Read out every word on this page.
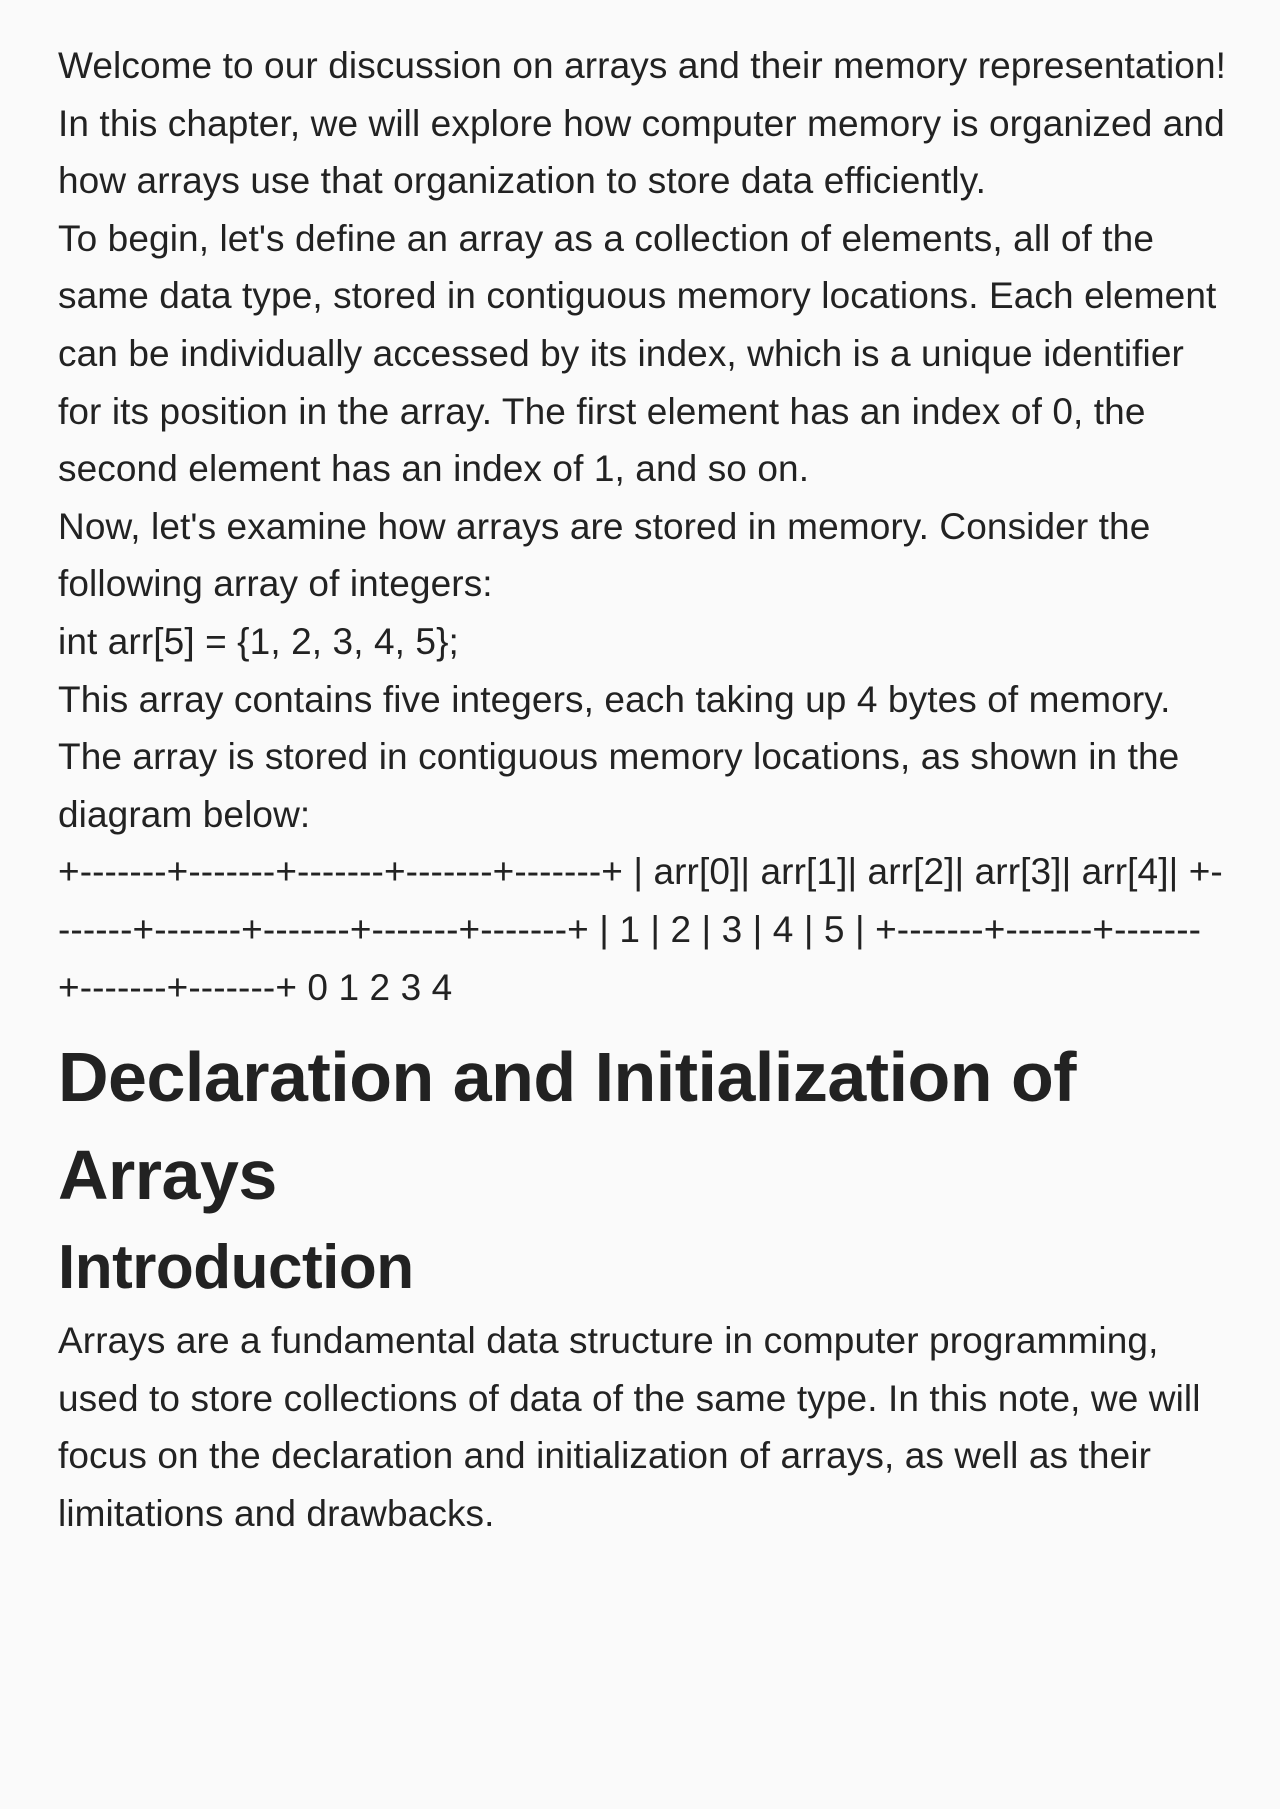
Welcome to our discussion on arrays and their memory representation! In this chapter, we will explore how computer memory is organized and how arrays use that organization to store data efficiently.

To begin, let's define an array as a collection of elements, all of the same data type, stored in contiguous memory locations. Each element can be individually accessed by its index, which is a unique identifier for its position in the array. The first element has an index of 0, the second element has an index of 1, and so on.

Now, let's examine how arrays are stored in memory. Consider the following array of integers:

int arr[5] = {1, 2, 3, 4, 5};

This array contains five integers, each taking up 4 bytes of memory. The array is stored in contiguous memory locations, as shown in the diagram below:

+-------+-------+-------+-------+-------+ | arr[0]| arr[1]| arr[2]| arr[3]| arr[4]| +-------+-------+-------+-------+-------+ | 1 | 2 | 3 | 4 | 5 | +-------+-------+-------+-------+-------+ 0 1 2 3 4

Declaration and Initialization of Arrays
Introduction

Arrays are a fundamental data structure in computer programming, used to store collections of data of the same type. In this note, we will focus on the declaration and initialization of arrays, as well as their limitations and drawbacks.
